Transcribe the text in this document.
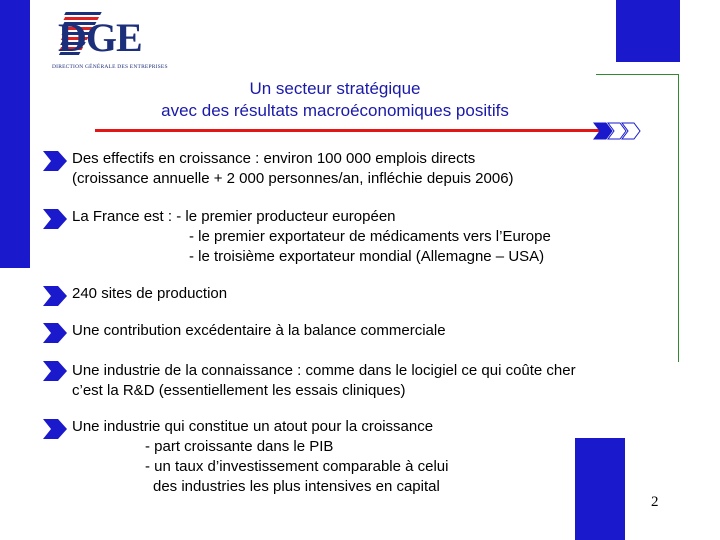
DGE
DIRECTION GÉNÉRALE DES ENTREPRISES
Un secteur stratégique
avec des résultats macroéconomiques positifs
Des effectifs en croissance : environ 100 000 emplois directs
(croissance annuelle + 2 000 personnes/an, infléchie depuis 2006)
La France est : - le premier producteur européen
- le premier exportateur de médicaments vers l’Europe
- le troisième exportateur mondial (Allemagne – USA)
240 sites de production
Une contribution excédentaire à la balance commerciale
Une industrie de la connaissance : comme dans le locigiel ce qui coûte cher
c’est la R&D (essentiellement les essais cliniques)
Une industrie qui constitue un atout pour la croissance
- part croissante dans le PIB
- un taux d’investissement comparable à celui
des industries les plus intensives en capital
2
